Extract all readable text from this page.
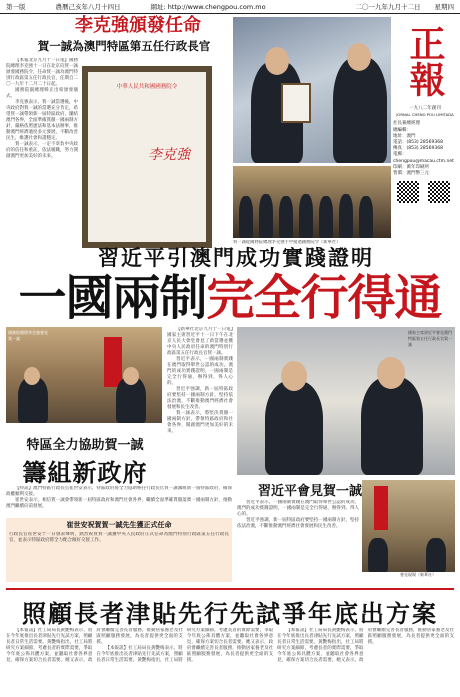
第一版	農曆己亥年八月十四日	網址: http://www.chengpou.com.mo	二〇一九年九月十二日 星期四
李克強頒發任命
賀一誠為澳門特區第五任行政長官

【本報北京九月十一日電】國務院總理李克強十一日在北京向賀一誠頒發國務院令，任命賀一誠為澳門特別行政區第五任行政長官，任期自二〇一九年十二月二十日起。

國務院副總理韓正出席頒發儀式。

李克強表示，賀一誠當選後，中央政府對賀一誠的當選充分肯定，希望賀一誠帶領新一屆特區政府，團結澳門各界，全面準確貫徹一國兩制方針，嚴格依照憲法和基本法辦事，推動澳門經濟適度多元發展，不斷改善民生，維護社會和諧穩定。

賀一誠表示，一定不辜負中央政府的信任和重託，依法履職，努力開創澳門更加美好的未來。

中華人民共和國國務院令
李克強
正報
一九八二年創刊
JORNAL CHENG POU LIMITADA
社長兼總經理
總編輯：
地址：澳門
電話：(853) 28569368
傳真：(853) 28569368
電郵：chengpou@macau.ctm.net
印刷：萬年印刷所
售價：澳門幣三元

賀一誠從國務院總理李克強手中接過國務院令（新華社）
習近平引澳門成功實踐證明
一國兩制完全行得通
國務院總理李克強會見賀一誠
特區全力協助賀一誠
籌組新政府

【特訊】澳門特區行政長官崔世安表示，特區政府將全力協助候任行政長官賀一誠籌組新一屆特區政府，確保政權順利交接。

崔世安表示，相信賀一誠會帶領新一屆特區政府和澳門社會各界，繼續全面準確貫徹落實一國兩制方針，推動澳門繼續向前發展。

崔世安祝賀賀一誠先生獲正式任命
行政長官崔世安十一日發表聲明，熱烈祝賀賀一誠獲中央人民政府正式任命為澳門特別行政區第五任行政長官，並表示特區政府將全力配合做好交接工作。

【新華社北京九月十一日電】國家主席習近平十一日下午在北京人民大會堂會見了新當選並獲中央人民政府任命的澳門特別行政區第五任行政長官賀一誠。

習近平表示，一國兩制實踐在澳門取得舉世公認的成功。澳門的成功實踐證明，一國兩制是完全行得通、辦得到、得人心的。

習近平強調，新一屆特區政府要堅持一國兩制方針，堅持依法治澳，不斷推動澳門經濟社會發展和民生改善。

賀一誠表示，將堅決貫徹一國兩制方針，帶領特區政府和社會各界，開創澳門更加美好的未來。

國家主席習近平會見澳門特區第五任行政長官賀一誠
習近平會見賀一誠

習近平表示，一國兩制實踐在澳門取得舉世公認的成功。澳門的成功實踐證明，一國兩制是完全行得通、辦得到、得人心的。

習近平強調，新一屆特區政府要堅持一國兩制方針，堅持依法治澳，不斷推動澳門經濟社會發展和民生改善。

會見現場（新華社）
照顧長者津貼先行先試爭年底出方案

【本報訊】社工局局長黃艷梅表示，將在今年底推出長者津貼先行先試方案，照顧長者日常生活需要。黃艷梅指出，社工局將研究方案細節，考慮長者的實際需要，爭取今年底公佈具體方案，並聽取社會各界意見，確保方案切合長者需要。她又表示，政府會繼續完善長者服務，推動居家養老及社區照顧服務發展，為長者提供更全面的支援。

【本報訊】社工局局長黃艷梅表示，將在今年底推出長者津貼先行先試方案，照顧長者日常生活需要。黃艷梅指出，社工局將研究方案細節，考慮長者的實際需要，爭取今年底公佈具體方案，並聽取社會各界意見，確保方案切合長者需要。她又表示，政府會繼續完善長者服務，推動居家養老及社區照顧服務發展，為長者提供更全面的支援。

【本報訊】社工局局長黃艷梅表示，將在今年底推出長者津貼先行先試方案，照顧長者日常生活需要。黃艷梅指出，社工局將研究方案細節，考慮長者的實際需要，爭取今年底公佈具體方案，並聽取社會各界意見，確保方案切合長者需要。她又表示，政府會繼續完善長者服務，推動居家養老及社區照顧服務發展，為長者提供更全面的支援。
